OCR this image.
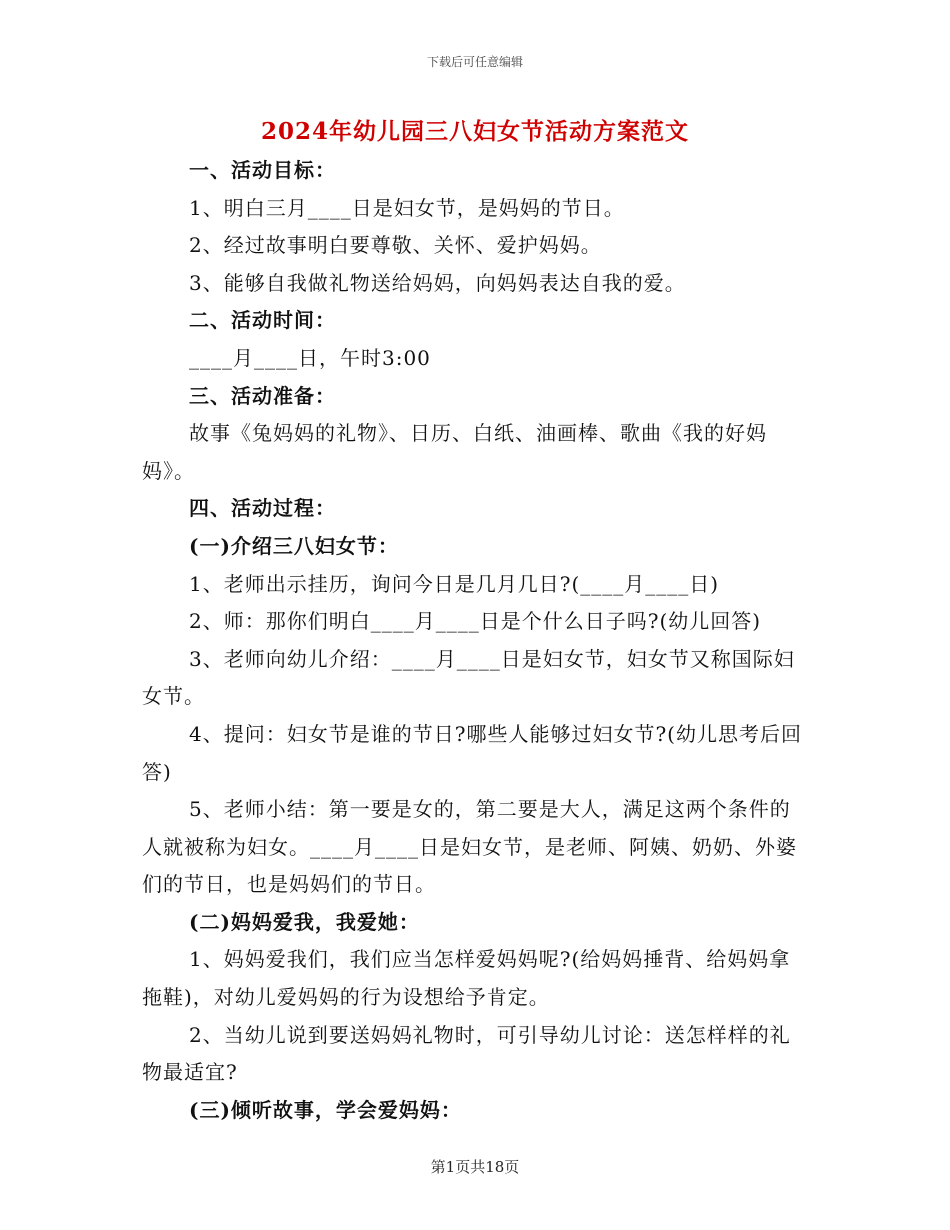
下载后可任意编辑
2024年幼儿园三八妇女节活动方案范文

一、活动目标：

1、明白三月____日是妇女节，是妈妈的节日。

2、经过故事明白要尊敬、关怀、爱护妈妈。

3、能够自我做礼物送给妈妈，向妈妈表达自我的爱。

二、活动时间：

____月____日，午时3:00

三、活动准备：

故事《兔妈妈的礼物》、日历、白纸、油画棒、歌曲《我的好妈妈》。

四、活动过程：

(一)介绍三八妇女节：

1、老师出示挂历，询问今日是几月几日?(____月____日)

2、师：那你们明白____月____日是个什么日子吗?(幼儿回答)

3、老师向幼儿介绍：____月____日是妇女节，妇女节又称国际妇女节。

4、提问：妇女节是谁的节日?哪些人能够过妇女节?(幼儿思考后回答)

5、老师小结：第一要是女的，第二要是大人，满足这两个条件的人就被称为妇女。____月____日是妇女节，是老师、阿姨、奶奶、外婆们的节日，也是妈妈们的节日。

(二)妈妈爱我，我爱她：

1、妈妈爱我们，我们应当怎样爱妈妈呢?(给妈妈捶背、给妈妈拿拖鞋)，对幼儿爱妈妈的行为设想给予肯定。

2、当幼儿说到要送妈妈礼物时，可引导幼儿讨论：送怎样样的礼物最适宜?

(三)倾听故事，学会爱妈妈：

第1页共18页
